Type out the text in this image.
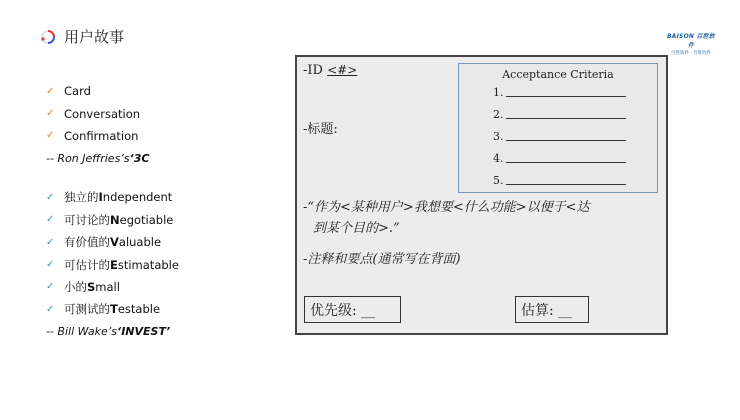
用户故事	BAISON 百胜软件
百胜软件 · 百胜软件
✓ Card
✓ Conversation
✓ Confirmation
-- Ron Jeffries’s ‘3C
✓ 独立的 I ndependent
✓ 可讨论的 N egotiable
✓ 有价值的 V aluable
✓ 可估计的 E stimatable
✓ 小的 S mall
✓ 可测试的 T estable
-- Bill Wake’s ‘INVEST’
-ID <#>
-标题:
Acceptance Criteria
1.
2.
3.
4.
5.
-“作为<某种用户>我想要<什么功能>以便于<达
到某个目的>.”
-注释和要点(通常写在背面)
优先级: __	估算: __
